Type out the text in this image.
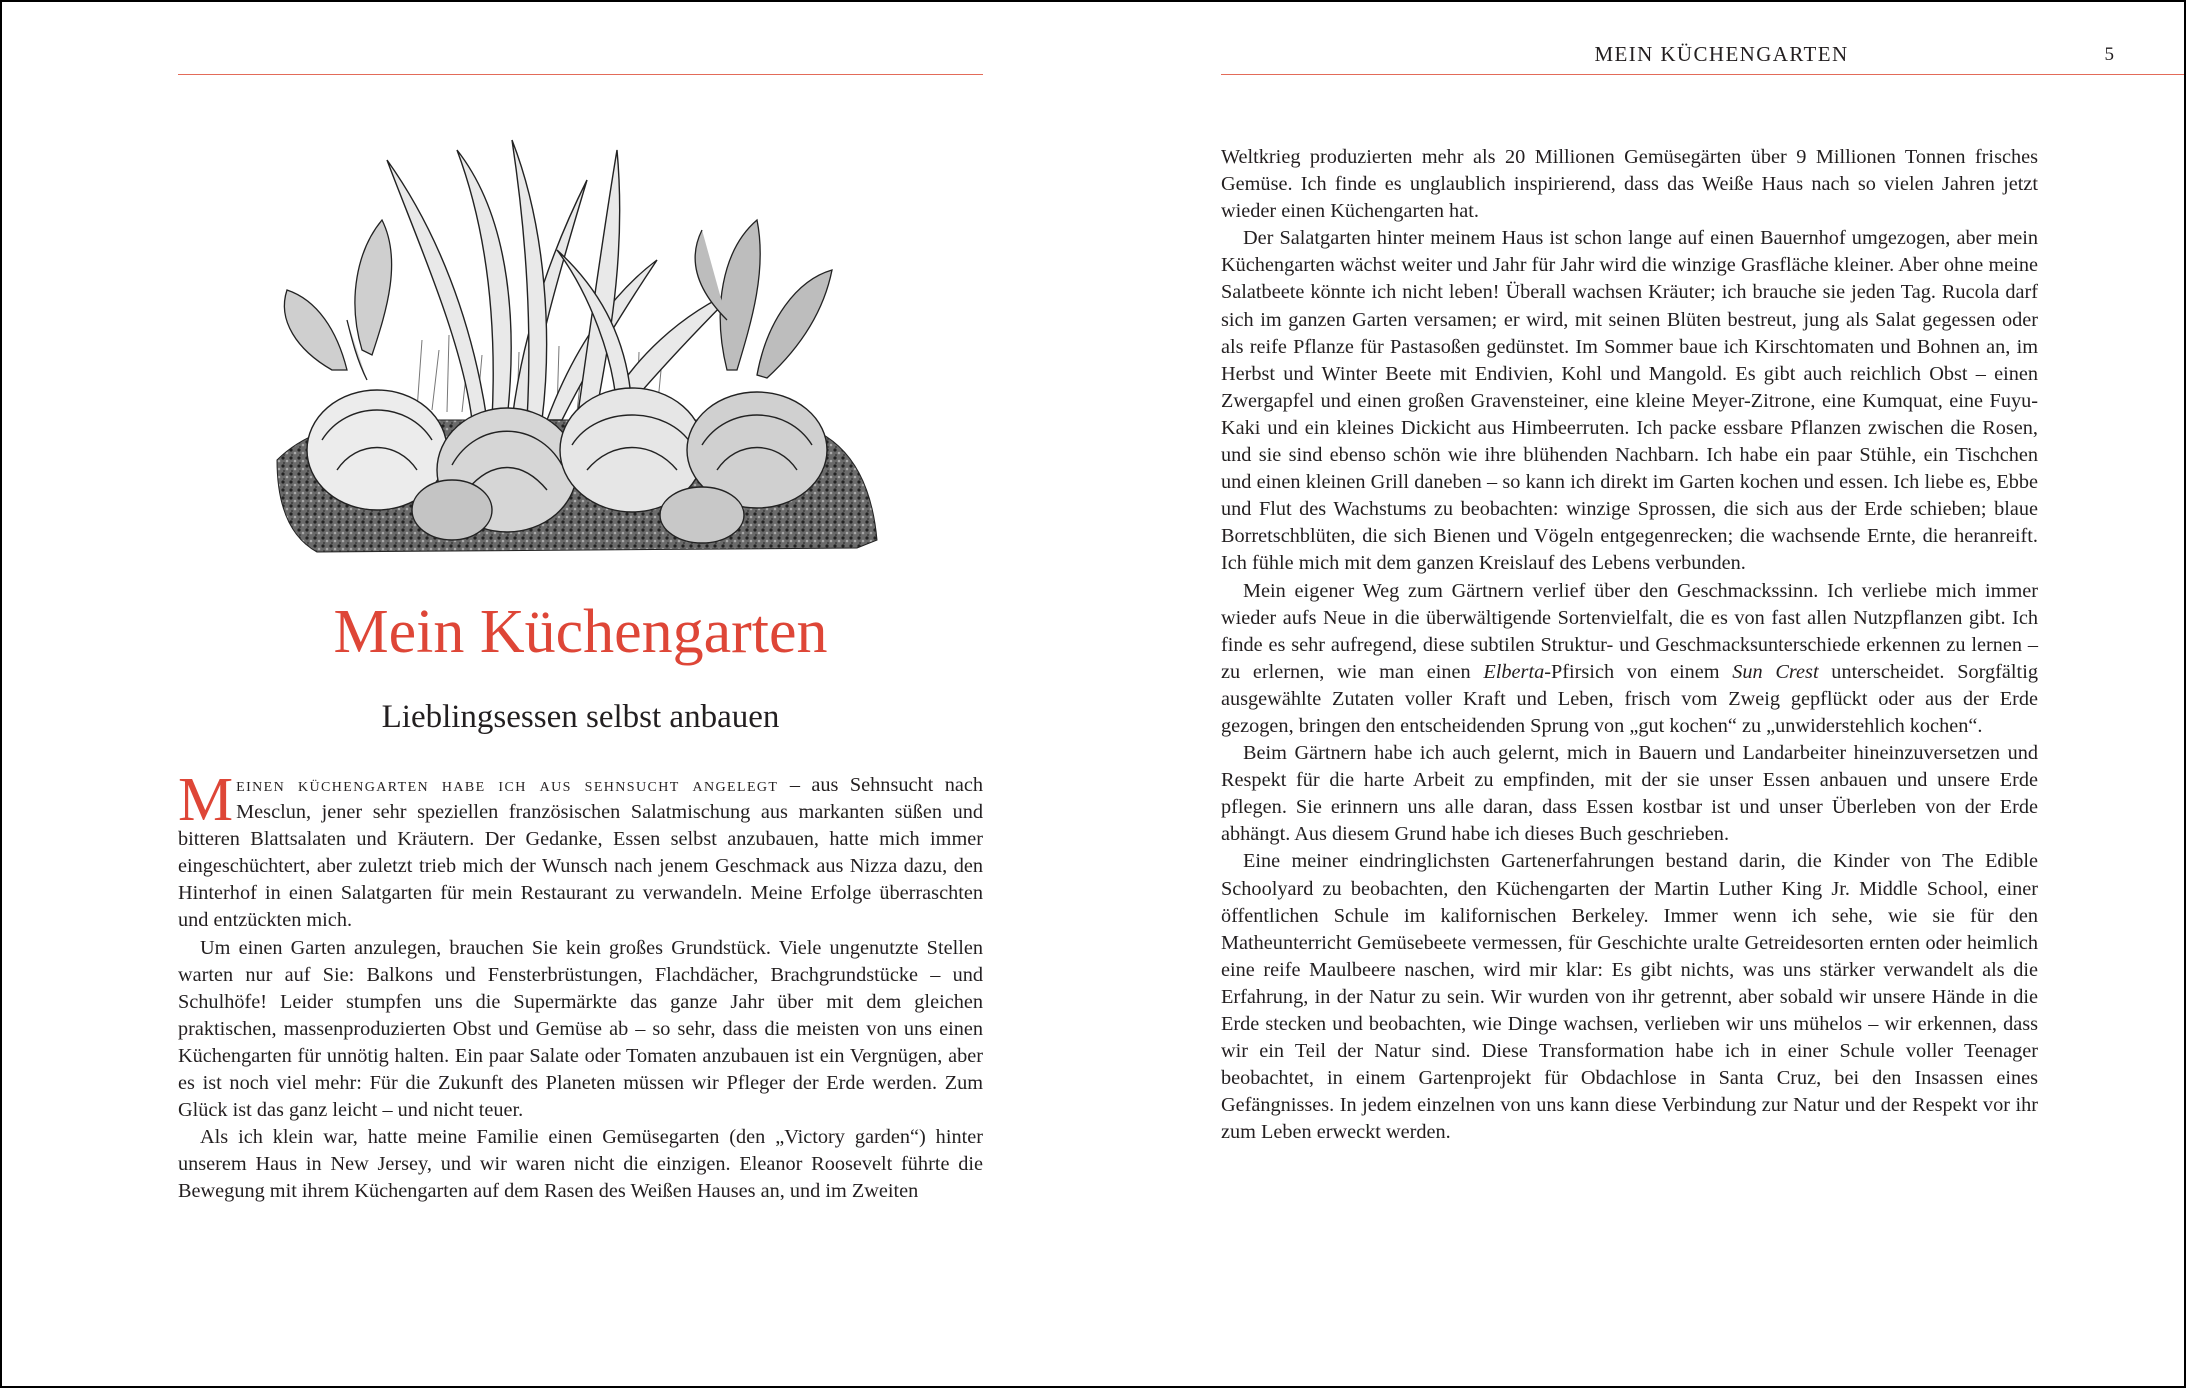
MEIN KÜCHENGARTEN	5
Mein Küchengarten
Lieblingsessen selbst anbauen

Meinen küchengarten habe ich aus sehnsucht angelegt – aus Sehnsucht nach Mesclun, jener sehr speziellen französischen Salatmischung aus markanten süßen und bitteren Blattsalaten und Kräutern. Der Gedanke, Essen selbst anzubauen, hatte mich immer eingeschüchtert, aber zuletzt trieb mich der Wunsch nach jenem Geschmack aus Nizza dazu, den Hinterhof in einen Salatgarten für mein Restaurant zu verwandeln. Meine Erfolge überraschten und entzückten mich.

Um einen Garten anzulegen, brauchen Sie kein großes Grundstück. Viele ungenutzte Stellen warten nur auf Sie: Balkons und Fensterbrüstungen, Flachdächer, Brachgrundstücke – und Schulhöfe! Leider stumpfen uns die Supermärkte das ganze Jahr über mit dem gleichen praktischen, massenproduzierten Obst und Gemüse ab – so sehr, dass die meisten von uns einen Küchengarten für unnötig halten. Ein paar Salate oder Tomaten anzubauen ist ein Vergnügen, aber es ist noch viel mehr: Für die Zukunft des Planeten müssen wir Pfleger der Erde werden. Zum Glück ist das ganz leicht – und nicht teuer.

Als ich klein war, hatte meine Familie einen Gemüsegarten (den „Victory garden“) hinter unserem Haus in New Jersey, und wir waren nicht die einzigen. Eleanor Roosevelt führte die Bewegung mit ihrem Küchengarten auf dem Rasen des Weißen Hauses an, und im Zweiten

Weltkrieg produzierten mehr als 20 Millionen Gemüsegärten über 9 Millionen Tonnen frisches Gemüse. Ich finde es unglaublich inspirierend, dass das Weiße Haus nach so vielen Jahren jetzt wieder einen Küchengarten hat.

Der Salatgarten hinter meinem Haus ist schon lange auf einen Bauernhof umgezogen, aber mein Küchengarten wächst weiter und Jahr für Jahr wird die winzige Grasfläche kleiner. Aber ohne meine Salatbeete könnte ich nicht leben! Überall wachsen Kräuter; ich brauche sie jeden Tag. Rucola darf sich im ganzen Garten versamen; er wird, mit seinen Blüten bestreut, jung als Salat gegessen oder als reife Pflanze für Pastasoßen gedünstet. Im Sommer baue ich Kirschtomaten und Bohnen an, im Herbst und Winter Beete mit Endivien, Kohl und Mangold. Es gibt auch reichlich Obst – einen Zwergapfel und einen großen Gravensteiner, eine kleine Meyer-Zitrone, eine Kumquat, eine Fuyu-Kaki und ein kleines Dickicht aus Himbeerruten. Ich packe essbare Pflanzen zwischen die Rosen, und sie sind ebenso schön wie ihre blühenden Nachbarn. Ich habe ein paar Stühle, ein Tischchen und einen kleinen Grill daneben – so kann ich direkt im Garten kochen und essen. Ich liebe es, Ebbe und Flut des Wachstums zu beobachten: winzige Sprossen, die sich aus der Erde schieben; blaue Borretschblüten, die sich Bienen und Vögeln entgegenrecken; die wachsende Ernte, die heranreift. Ich fühle mich mit dem ganzen Kreislauf des Lebens verbunden.

Mein eigener Weg zum Gärtnern verlief über den Geschmackssinn. Ich verliebe mich immer wieder aufs Neue in die überwältigende Sortenvielfalt, die es von fast allen Nutzpflanzen gibt. Ich finde es sehr aufregend, diese subtilen Struktur- und Geschmacksunterschiede erkennen zu lernen – zu erlernen, wie man einen Elberta-Pfirsich von einem Sun Crest unterscheidet. Sorgfältig ausgewählte Zutaten voller Kraft und Leben, frisch vom Zweig gepflückt oder aus der Erde gezogen, bringen den entscheidenden Sprung von „gut kochen“ zu „unwiderstehlich kochen“.

Beim Gärtnern habe ich auch gelernt, mich in Bauern und Landarbeiter hineinzuversetzen und Respekt für die harte Arbeit zu empfinden, mit der sie unser Essen anbauen und unsere Erde pflegen. Sie erinnern uns alle daran, dass Essen kostbar ist und unser Überleben von der Erde abhängt. Aus diesem Grund habe ich dieses Buch geschrieben.

Eine meiner eindringlichsten Gartenerfahrungen bestand darin, die Kinder von The Edible Schoolyard zu beobachten, den Küchengarten der Martin Luther King Jr. Middle School, einer öffentlichen Schule im kalifornischen Berkeley. Immer wenn ich sehe, wie sie für den Matheunterricht Gemüsebeete vermessen, für Geschichte uralte Getreidesorten ernten oder heimlich eine reife Maulbeere naschen, wird mir klar: Es gibt nichts, was uns stärker verwandelt als die Erfahrung, in der Natur zu sein. Wir wurden von ihr getrennt, aber sobald wir unsere Hände in die Erde stecken und beobachten, wie Dinge wachsen, verlieben wir uns mühelos – wir erkennen, dass wir ein Teil der Natur sind. Diese Transformation habe ich in einer Schule voller Teenager beobachtet, in einem Gartenprojekt für Obdachlose in Santa Cruz, bei den Insassen eines Gefängnisses. In jedem einzelnen von uns kann diese Verbindung zur Natur und der Respekt vor ihr zum Leben erweckt werden.
